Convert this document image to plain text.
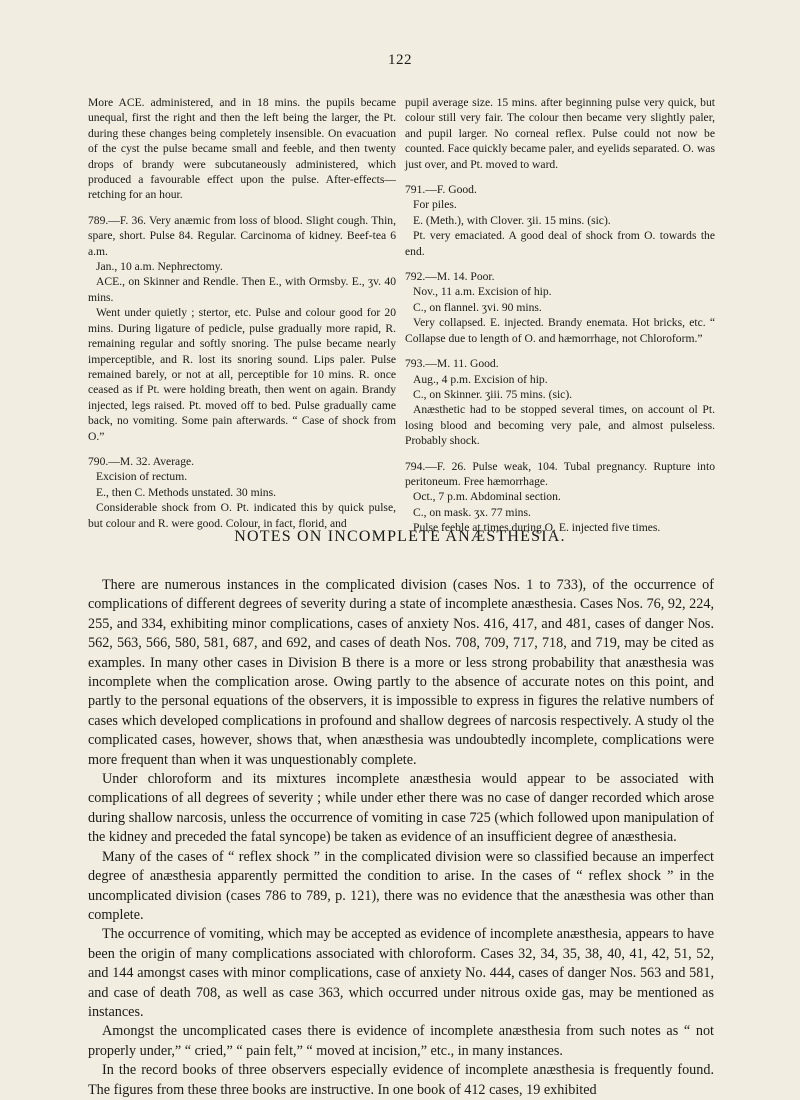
122

More ACE. administered, and in 18 mins. the pupils became unequal, first the right and then the left being the larger, the Pt. during these changes being completely insensible. On evacuation of the cyst the pulse became small and feeble, and then twenty drops of brandy were subcutaneously administered, which produced a favourable effect upon the pulse. After-effects—retching for an hour.

789.—F. 36. Very anæmic from loss of blood. Slight cough. Thin, spare, short. Pulse 84. Regular. Carcinoma of kidney. Beef-tea 6 a.m.

Jan., 10 a.m. Nephrectomy.

ACE., on Skinner and Rendle. Then E., with Ormsby. E., ʒv. 40 mins.

Went under quietly ; stertor, etc. Pulse and colour good for 20 mins. During ligature of pedicle, pulse gradually more rapid, R. remaining regular and softly snoring. The pulse became nearly imperceptible, and R. lost its snoring sound. Lips paler. Pulse remained barely, or not at all, perceptible for 10 mins. R. once ceased as if Pt. were holding breath, then went on again. Brandy injected, legs raised. Pt. moved off to bed. Pulse gradually came back, no vomiting. Some pain afterwards. “ Case of shock from O.”

790.—M. 32. Average.

Excision of rectum.

E., then C. Methods unstated. 30 mins.

Considerable shock from O. Pt. indicated this by quick pulse, but colour and R. were good. Colour, in fact, florid, and

pupil average size. 15 mins. after beginning pulse very quick, but colour still very fair. The colour then became very slightly paler, and pupil larger. No corneal reflex. Pulse could not now be counted. Face quickly became paler, and eyelids separated. O. was just over, and Pt. moved to ward.

791.—F. Good.

For piles.

E. (Meth.), with Clover. ʒii. 15 mins. (sic).

Pt. very emaciated. A good deal of shock from O. towards the end.

792.—M. 14. Poor.

Nov., 11 a.m. Excision of hip.

C., on flannel. ʒvi. 90 mins.

Very collapsed. E. injected. Brandy enemata. Hot bricks, etc. “ Collapse due to length of O. and hæmorrhage, not Chloroform.”

793.—M. 11. Good.

Aug., 4 p.m. Excision of hip.

C., on Skinner. ʒiii. 75 mins. (sic).

Anæsthetic had to be stopped several times, on account ol Pt. losing blood and becoming very pale, and almost pulseless. Probably shock.

794.—F. 26. Pulse weak, 104. Tubal pregnancy. Rupture into peritoneum. Free hæmorrhage.

Oct., 7 p.m. Abdominal section.

C., on mask. ʒx. 77 mins.

Pulse feeble at times during O. E. injected five times.

NOTES ON INCOMPLETE ANÆSTHESIA.

There are numerous instances in the complicated division (cases Nos. 1 to 733), of the occurrence of complications of different degrees of severity during a state of incomplete anæsthesia. Cases Nos. 76, 92, 224, 255, and 334, exhibiting minor complications, cases of anxiety Nos. 416, 417, and 481, cases of danger Nos. 562, 563, 566, 580, 581, 687, and 692, and cases of death Nos. 708, 709, 717, 718, and 719, may be cited as examples. In many other cases in Division B there is a more or less strong probability that anæsthesia was incomplete when the complication arose. Owing partly to the absence of accurate notes on this point, and partly to the personal equations of the observers, it is impossible to express in figures the relative numbers of cases which developed complications in profound and shallow degrees of narcosis respectively. A study ol the complicated cases, however, shows that, when anæsthesia was undoubtedly incomplete, complications were more frequent than when it was unquestionably complete.

Under chloroform and its mixtures incomplete anæsthesia would appear to be associated with complications of all degrees of severity ; while under ether there was no case of danger recorded which arose during shallow narcosis, unless the occurrence of vomiting in case 725 (which followed upon manipulation of the kidney and preceded the fatal syncope) be taken as evidence of an insufficient degree of anæsthesia.

Many of the cases of “ reflex shock ” in the complicated division were so classified because an imperfect degree of anæsthesia apparently permitted the condition to arise. In the cases of “ reflex shock ” in the uncomplicated division (cases 786 to 789, p. 121), there was no evidence that the anæsthesia was other than complete.

The occurrence of vomiting, which may be accepted as evidence of incomplete anæsthesia, appears to have been the origin of many complications associated with chloroform. Cases 32, 34, 35, 38, 40, 41, 42, 51, 52, and 144 amongst cases with minor complications, case of anxiety No. 444, cases of danger Nos. 563 and 581, and case of death 708, as well as case 363, which occurred under nitrous oxide gas, may be mentioned as instances.

Amongst the uncomplicated cases there is evidence of incomplete anæsthesia from such notes as “ not properly under,” “ cried,” “ pain felt,” “ moved at incision,” etc., in many instances.

In the record books of three observers especially evidence of incomplete anæsthesia is frequently found. The figures from these three books are instructive. In one book of 412 cases, 19 exhibited
